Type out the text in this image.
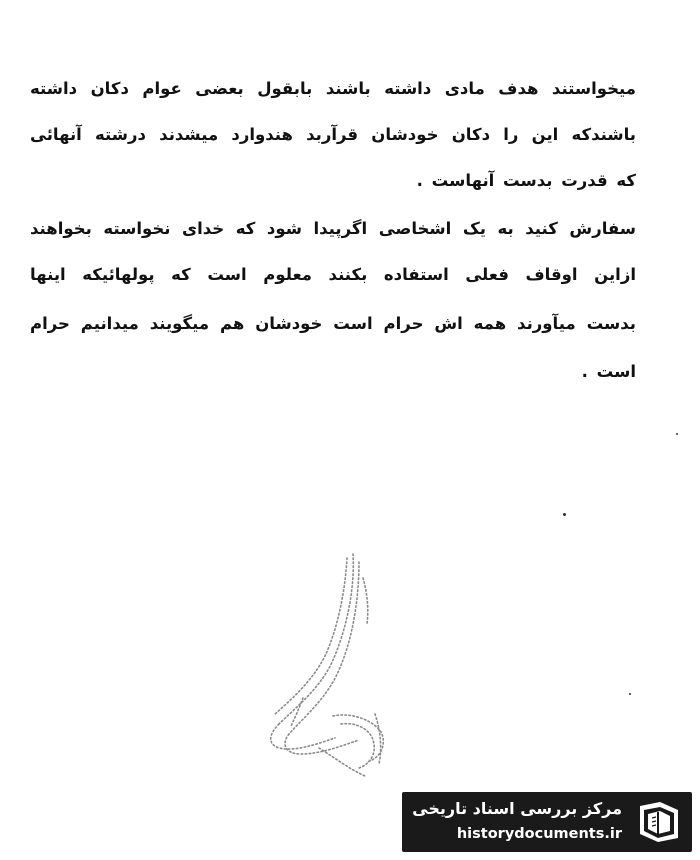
میخواستند هدف مادی داشته باشند بابقول بعضی عوام دکان داشته
باشندکه این را دکان خودشان قرآربد هندوارد میشدند درشته آنهائی
که قدرت بدست آنهاست .
سفارش کنید به یک اشخاصی اگرپیدا شود که خدای نخواسته بخواهند
ازاین اوقاف فعلی استفاده بکنند معلوم است که پولهائیکه اینها
بدست میآورند همه اش حرام است خودشان هم میگویند میدانیم حرام
است .
مرکز بررسی اسناد تاریخی
historydocuments.ir
